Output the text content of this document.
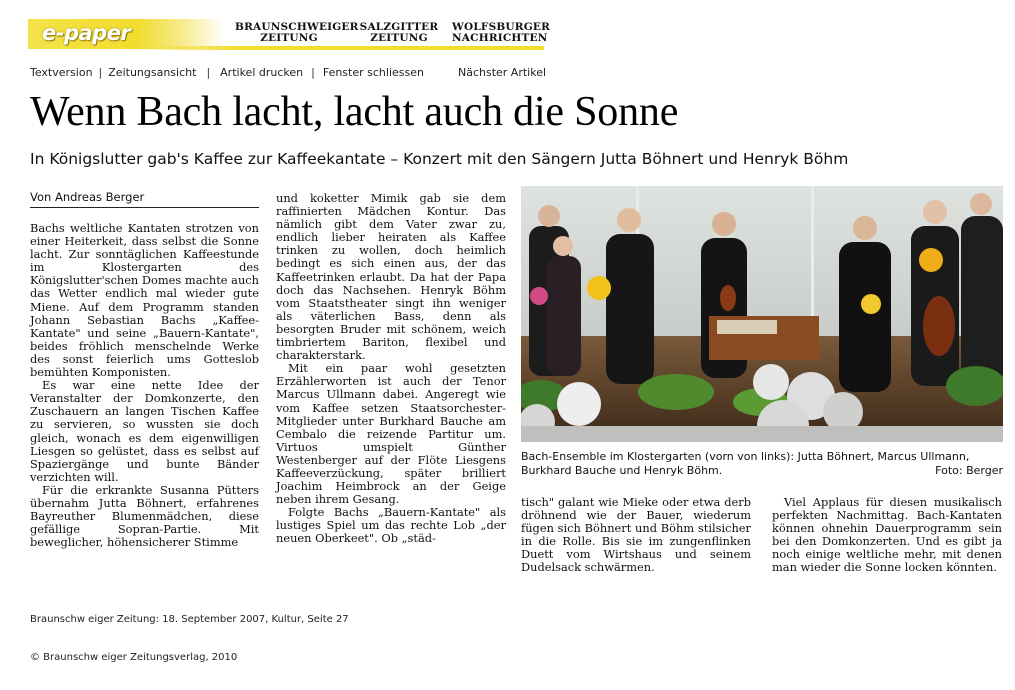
e-paper	BRAUNSCHWEIGER
ZEITUNG
SALZGITTER
ZEITUNG
WOLFSBURGER
NACHRICHTEN
Textversion | Zeitungsansicht | Artikel drucken | Fenster schliessen	Nächster Artikel
Wenn Bach lacht, lacht auch die Sonne
In Königslutter gab's Kaffee zur Kaffeekantate – Konzert mit den Sängern Jutta Böhnert und Henryk Böhm
Von Andreas Berger

Bachs weltliche Kantaten strotzen von einer Heiterkeit, dass selbst die Sonne lacht. Zur sonntäglichen Kaffeestunde im Klostergarten des Königslutter'schen Domes machte auch das Wetter endlich mal wieder gute Miene. Auf dem Programm standen Johann Sebastian Bachs „Kaffee-Kantate" und seine „Bauern-Kantate", beides fröhlich menschelnde Werke des sonst feierlich ums Gotteslob bemühten Komponisten.

Es war eine nette Idee der Veranstalter der Domkonzerte, den Zuschauern an langen Tischen Kaffee zu servieren, so wussten sie doch gleich, wonach es dem eigenwilligen Liesgen so gelüstet, dass es selbst auf Spaziergänge und bunte Bänder verzichten will.

Für die erkrankte Susanna Pütters übernahm Jutta Böhnert, erfahrenes Bayreuther Blumenmädchen, diese gefällige Sopran-Partie. Mit beweglicher, höhensicherer Stimme

und koketter Mimik gab sie dem raffinierten Mädchen Kontur. Das nämlich gibt dem Vater zwar zu, endlich lieber heiraten als Kaffee trinken zu wollen, doch heimlich bedingt es sich einen aus, der das Kaffeetrinken erlaubt. Da hat der Papa doch das Nachsehen. Henryk Böhm vom Staatstheater singt ihn weniger als väterlichen Bass, denn als besorgten Bruder mit schönem, weich timbriertem Bariton, flexibel und charakterstark.

Mit ein paar wohl gesetzten Erzählerworten ist auch der Tenor Marcus Ullmann dabei. Angeregt wie vom Kaffee setzen Staatsorchester-Mitglieder unter Burkhard Bauche am Cembalo die reizende Partitur um. Virtuos umspielt Günther Westenberger auf der Flöte Liesgens Kaffeeverzückung, später brilliert Joachim Heimbrock an der Geige neben ihrem Gesang.

Folgte Bachs „Bauern-Kantate" als lustiges Spiel um das rechte Lob „der neuen Oberkeet". Ob „städ-

Bach-Ensemble im Klostergarten (vorn von links): Jutta Böhnert, Marcus Ullmann, Burkhard Bauche und Henryk Böhm.	Foto: Berger

tisch" galant wie Mieke oder etwa derb dröhnend wie der Bauer, wiederum fügen sich Böhnert und Böhm stilsicher in die Rolle. Bis sie im zungenflinken Duett vom Wirtshaus und seinem Dudelsack schwärmen.

Viel Applaus für diesen musikalisch perfekten Nachmittag. Bach-Kantaten können ohnehin Dauerprogramm sein bei den Domkonzerten. Und es gibt ja noch einige weltliche mehr, mit denen man wieder die Sonne locken könnten.

Braunschw eiger Zeitung: 18. September 2007, Kultur, Seite 27
© Braunschw eiger Zeitungsverlag, 2010
